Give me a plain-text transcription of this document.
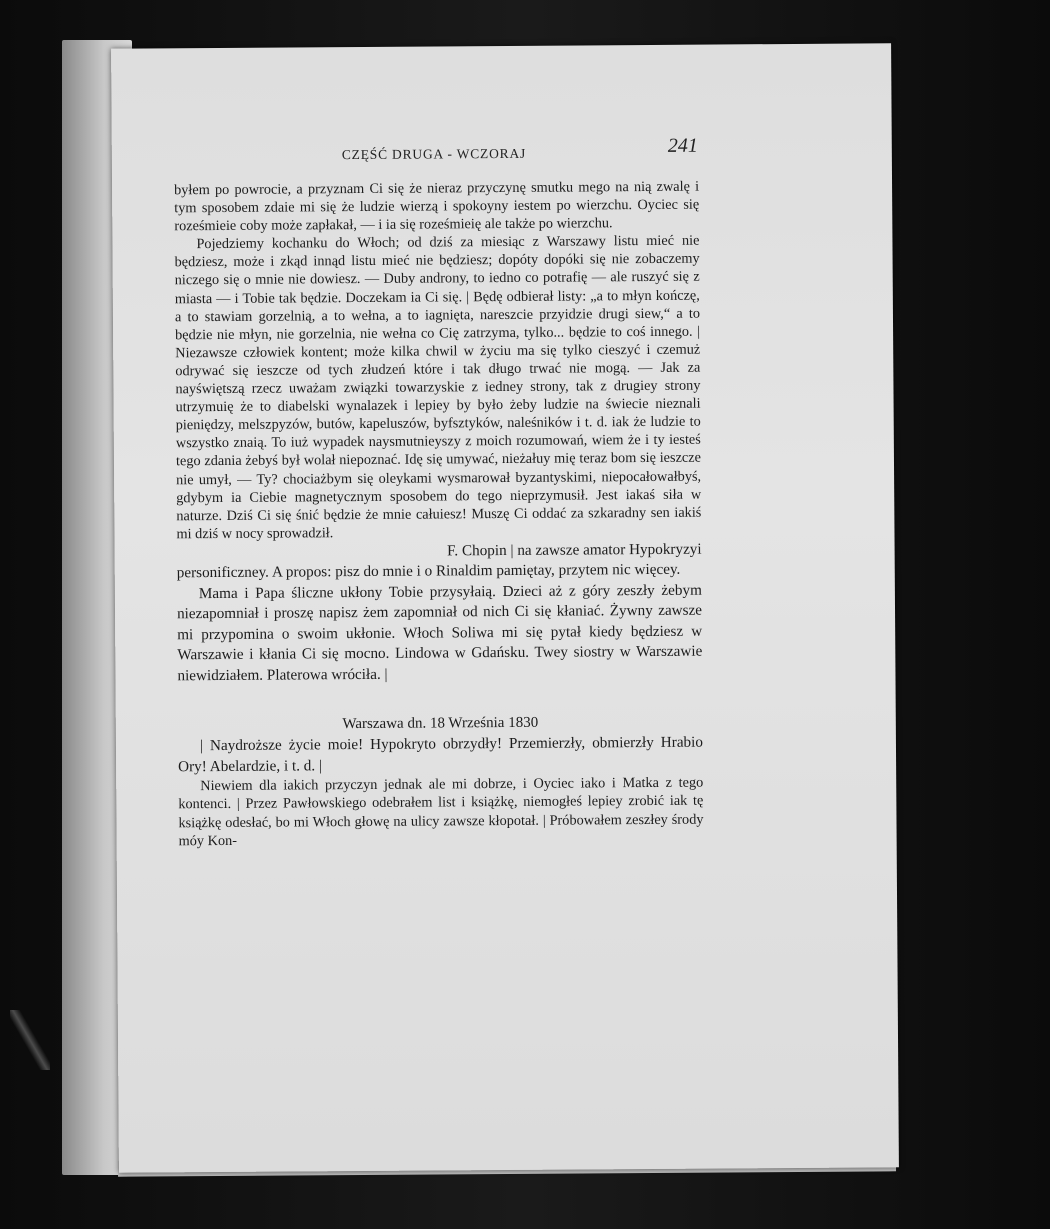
CZĘŚĆ DRUGA - WCZORAJ	241

byłem po powrocie, a przyznam Ci się że nieraz przyczynę smutku mego na nią zwalę i tym sposobem zdaie mi się że ludzie wierzą i spokoyny iestem po wierzchu. Oyciec się roześmieie coby może zapłakał, — i ia się roześmieię ale także po wierzchu.

Pojedziemy kochanku do Włoch; od dziś za miesiąc z Warszawy listu mieć nie będziesz, może i zkąd innąd listu mieć nie będziesz; dopóty dopóki się nie zobaczemy niczego się o mnie nie dowiesz. — Duby androny, to iedno co potrafię — ale ruszyć się z miasta — i Tobie tak będzie. Doczekam ia Ci się. | Będę odbierał listy: „a to młyn kończę, a to stawiam gorzelnią, a to wełna, a to iagnięta, nareszcie przyidzie drugi siew,“ a to będzie nie młyn, nie gorzelnia, nie wełna co Cię zatrzyma, tylko... będzie to coś innego. | Niezawsze człowiek kontent; może kilka chwil w życiu ma się tylko cieszyć i czemuż odrywać się ieszcze od tych złudzeń które i tak długo trwać nie mogą. — Jak za nayświętszą rzecz uważam związki towarzyskie z iedney strony, tak z drugiey strony utrzymuię że to diabelski wynalazek i lepiey by było żeby ludzie na świecie nieznali pieniędzy, melszpyzów, butów, kapeluszów, byfsztyków, naleśników i t. d. iak że ludzie to wszystko znaią. To iuż wypadek naysmutnieyszy z moich rozumowań, wiem że i ty iesteś tego zdania żebyś był wolał niepoznać. Idę się umywać, nieżałuy mię teraz bom się ieszcze nie umył, — Ty? chociażbym się oleykami wysmarował byzantyskimi, niepocałowałbyś, gdybym ia Ciebie magnetycznym sposobem do tego nieprzymusił. Jest iakaś siła w naturze. Dziś Ci się śnić będzie że mnie całuiesz! Muszę Ci oddać za szkaradny sen iakiś mi dziś w nocy sprowadził.

F. Chopin | na zawsze amator Hypokryzyi

personificzney. A propos: pisz do mnie i o Rinaldim pamiętay, przytem nic więcey.

Mama i Papa śliczne ukłony Tobie przysyłaią. Dzieci aż z góry zeszły żebym niezapomniał i proszę napisz żem zapomniał od nich Ci się kłaniać. Żywny zawsze mi przypomina o swoim ukłonie. Włoch Soliwa mi się pytał kiedy będziesz w Warszawie i kłania Ci się mocno. Lindowa w Gdańsku. Twey siostry w Warszawie niewidziałem. Platerowa wróciła. |

Warszawa dn. 18 Września 1830

| Naydroższe życie moie! Hypokryto obrzydły! Przemierzły, obmierzły Hrabio Ory! Abelardzie, i t. d. |

Niewiem dla iakich przyczyn jednak ale mi dobrze, i Oyciec iako i Matka z tego kontenci. | Przez Pawłowskiego odebrałem list i książkę, niemogłeś lepiey zrobić iak tę książkę odesłać, bo mi Włoch głowę na ulicy zawsze kłopotał. | Próbowałem zeszłey środy móy Kon-
